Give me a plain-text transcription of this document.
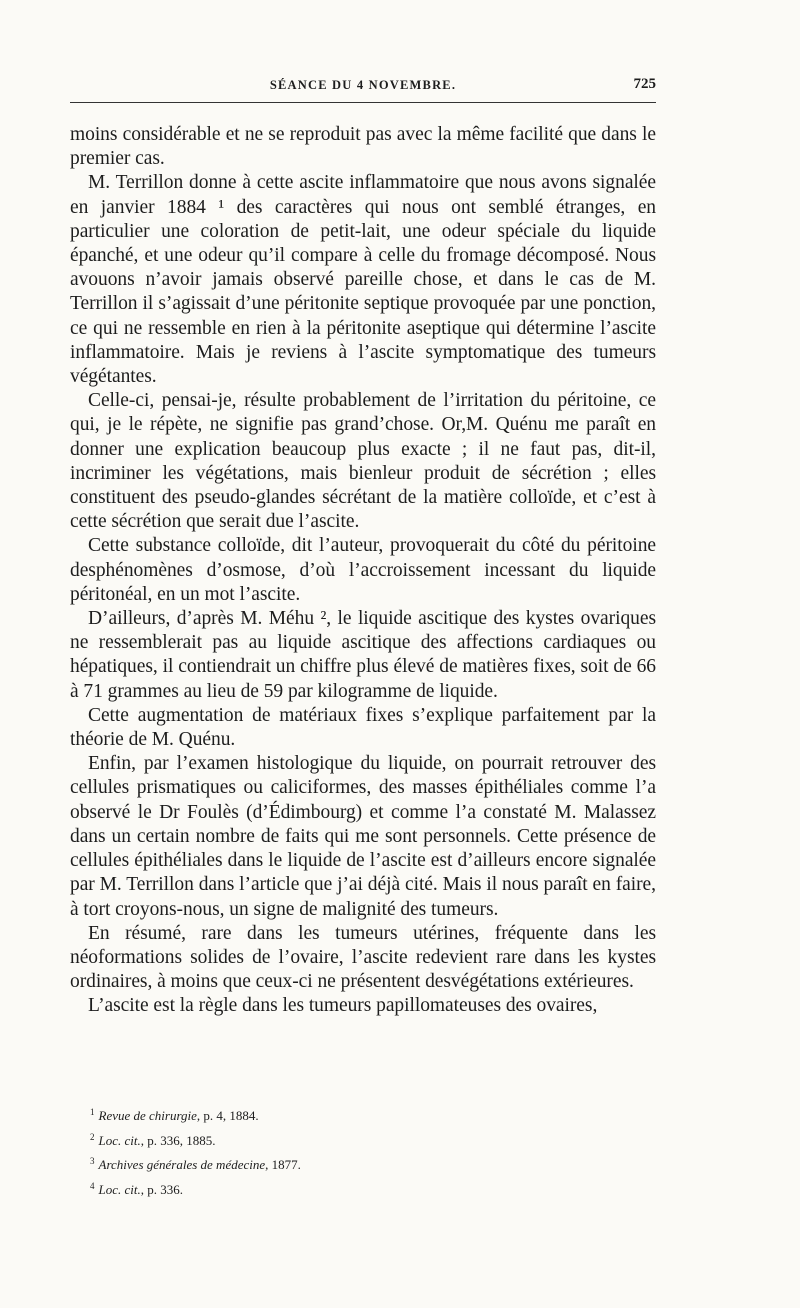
SÉANCE DU 4 NOVEMBRE.	725

moins considérable et ne se reproduit pas avec la même facilité que dans le premier cas.

M. Terrillon donne à cette ascite inflammatoire que nous avons signalée en janvier 1884 ¹ des caractères qui nous ont semblé étranges, en particulier une coloration de petit-lait, une odeur spéciale du liquide épanché, et une odeur qu’il compare à celle du fromage décomposé. Nous avouons n’avoir jamais observé pareille chose, et dans le cas de M. Terrillon il s’agissait d’une péritonite septique provoquée par une ponction, ce qui ne ressemble en rien à la péritonite aseptique qui détermine l’ascite inflammatoire. Mais je reviens à l’ascite symptomatique des tumeurs végétantes.

Celle-ci, pensai-je, résulte probablement de l’irritation du péritoine, ce qui, je le répète, ne signifie pas grand’chose. Or,M. Quénu me paraît en donner une explication beaucoup plus exacte ; il ne faut pas, dit-il, incriminer les végétations, mais bienleur produit de sécrétion ; elles constituent des pseudo-glandes sécrétant de la matière colloïde, et c’est à cette sécrétion que serait due l’ascite.

Cette substance colloïde, dit l’auteur, provoquerait du côté du péritoine desphénomènes d’osmose, d’où l’accroissement incessant du liquide péritonéal, en un mot l’ascite.

D’ailleurs, d’après M. Méhu ², le liquide ascitique des kystes ovariques ne ressemblerait pas au liquide ascitique des affections cardiaques ou hépatiques, il contiendrait un chiffre plus élevé de matières fixes, soit de 66 à 71 grammes au lieu de 59 par kilogramme de liquide.

Cette augmentation de matériaux fixes s’explique parfaitement par la théorie de M. Quénu.

Enfin, par l’examen histologique du liquide, on pourrait retrouver des cellules prismatiques ou caliciformes, des masses épithéliales comme l’a observé le Dr Foulès (d’Édimbourg) et comme l’a constaté M. Malassez dans un certain nombre de faits qui me sont personnels. Cette présence de cellules épithéliales dans le liquide de l’ascite est d’ailleurs encore signalée par M. Terrillon dans l’article que j’ai déjà cité. Mais il nous paraît en faire, à tort croyons-nous, un signe de malignité des tumeurs.

En résumé, rare dans les tumeurs utérines, fréquente dans les néoformations solides de l’ovaire, l’ascite redevient rare dans les kystes ordinaires, à moins que ceux-ci ne présentent desvégétations extérieures.

L’ascite est la règle dans les tumeurs papillomateuses des ovaires,

$^1$ Revue de chirurgie, p. 4, 1884.
$^2$ Loc. cit., p. 336, 1885.
$^3$ Archives générales de médecine, 1877.
$^4$ Loc. cit., p. 336.
